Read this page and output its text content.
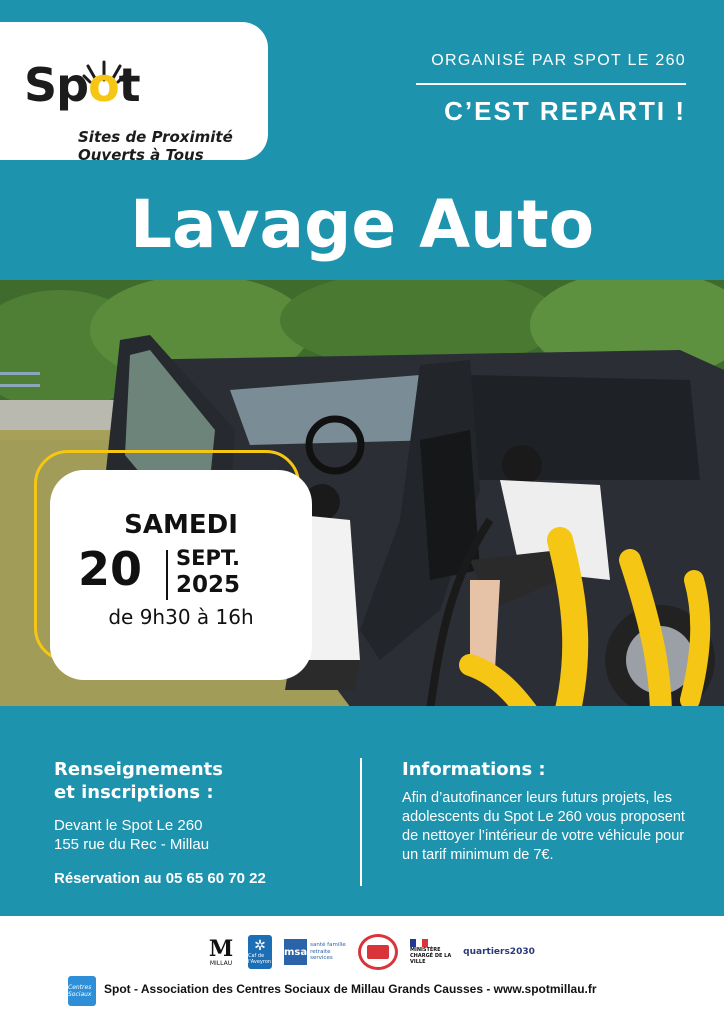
Spot
Sites de Proximité
Ouverts à Tous
ORGANISÉ PAR SPOT LE 260
C’EST REPARTI !
Lavage Auto
SAMEDI
20 SEPT.
2025
de 9h30 à 16h
Renseignements
et inscriptions :
Devant le Spot Le 260
155 rue du Rec - Millau
Réservation au 05 65 60 70 22
Informations :
Afin d’autofinancer leurs futurs projets, les adolescents du Spot Le 260 vous proposent de nettoyer l’intérieur de votre véhicule pour un tarif minimum de 7€.
M
MILLAU
✲
Caf de l'Aveyron
msa
santé famille retraite services
MINISTÈRE CHARGÉ DE LA VILLE
quartiers2030
Centres Sociaux	Spot - Association des Centres Sociaux de Millau Grands Causses - www.spotmillau.fr
